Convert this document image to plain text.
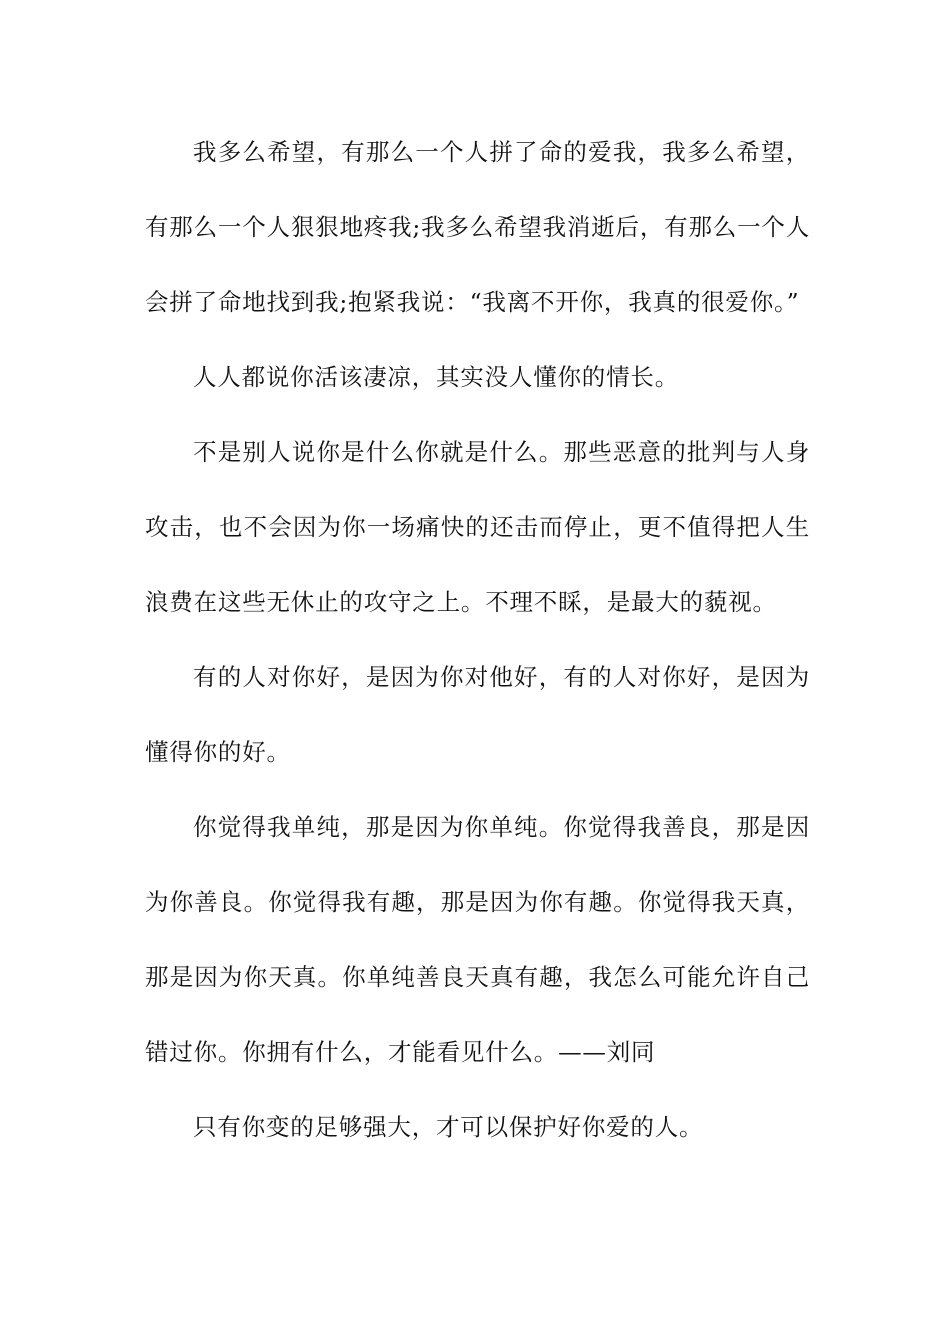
我多么希望，有那么一个人拼了命的爱我，我多么希望，有那么一个人狠狠地疼我;我多么希望我消逝后，有那么一个人会拼了命地找到我;抱紧我说：“我离不开你，我真的很爱你。”

人人都说你活该凄凉，其实没人懂你的情长。

不是别人说你是什么你就是什么。那些恶意的批判与人身攻击，也不会因为你一场痛快的还击而停止，更不值得把人生浪费在这些无休止的攻守之上。不理不睬，是最大的藐视。

有的人对你好，是因为你对他好，有的人对你好，是因为懂得你的好。

你觉得我单纯，那是因为你单纯。你觉得我善良，那是因为你善良。你觉得我有趣，那是因为你有趣。你觉得我天真，那是因为你天真。你单纯善良天真有趣，我怎么可能允许自己错过你。你拥有什么，才能看见什么。——刘同

只有你变的足够强大，才可以保护好你爱的人。
